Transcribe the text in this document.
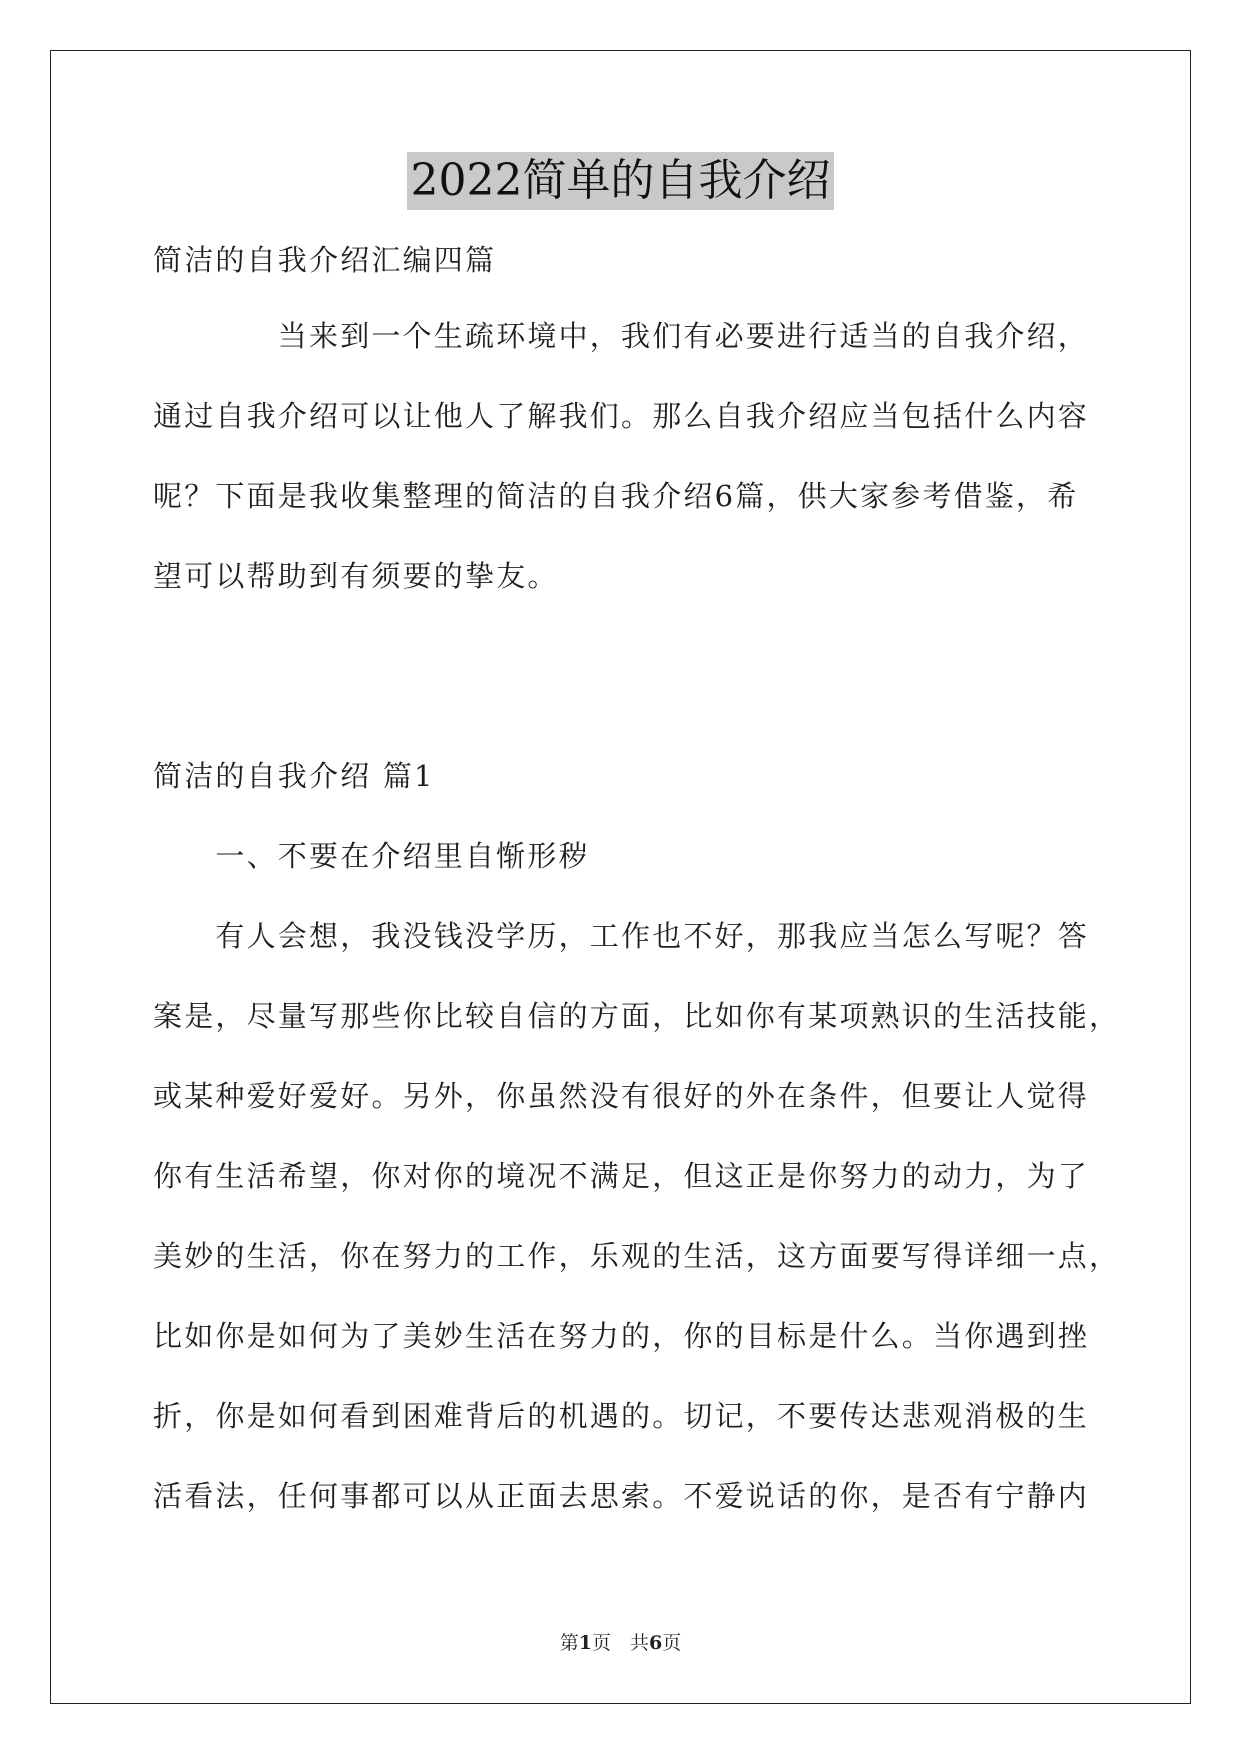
2022简单的自我介绍
简洁的自我介绍汇编四篇
　　　　当来到一个生疏环境中，我们有必要进行适当的自我介绍，
通过自我介绍可以让他人了解我们。那么自我介绍应当包括什么内容
呢？下面是我收集整理的简洁的自我介绍6篇，供大家参考借鉴，希
望可以帮助到有须要的挚友。
简洁的自我介绍 篇1
　　一、不要在介绍里自惭形秽
　　有人会想，我没钱没学历，工作也不好，那我应当怎么写呢？答
案是，尽量写那些你比较自信的方面，比如你有某项熟识的生活技能，
或某种爱好爱好。另外，你虽然没有很好的外在条件，但要让人觉得
你有生活希望，你对你的境况不满足，但这正是你努力的动力，为了
美妙的生活，你在努力的工作，乐观的生活，这方面要写得详细一点，
比如你是如何为了美妙生活在努力的，你的目标是什么。当你遇到挫
折，你是如何看到困难背后的机遇的。切记，不要传达悲观消极的生
活看法，任何事都可以从正面去思索。不爱说话的你，是否有宁静内
第1页　共6页
